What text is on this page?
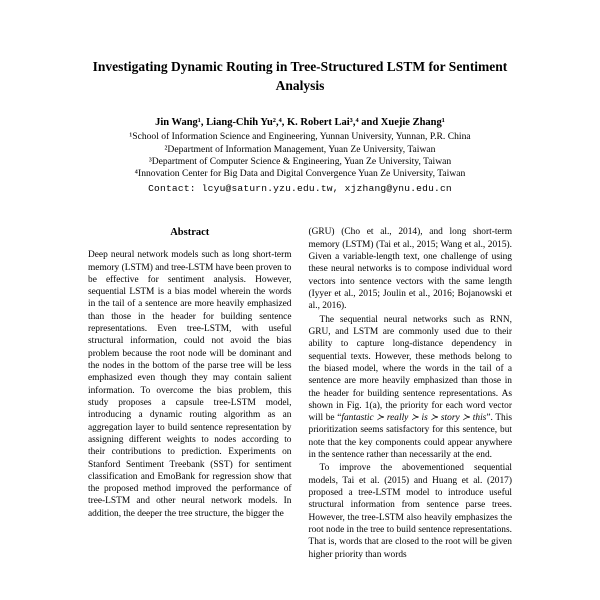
Investigating Dynamic Routing in Tree-Structured LSTM for Sentiment Analysis
Jin Wang¹, Liang-Chih Yu²,⁴, K. Robert Lai³,⁴ and Xuejie Zhang¹
¹School of Information Science and Engineering, Yunnan University, Yunnan, P.R. China
²Department of Information Management, Yuan Ze University, Taiwan
³Department of Computer Science & Engineering, Yuan Ze University, Taiwan
⁴Innovation Center for Big Data and Digital Convergence Yuan Ze University, Taiwan
Contact: lcyu@saturn.yzu.edu.tw, xjzhang@ynu.edu.cn
Abstract

Deep neural network models such as long short-term memory (LSTM) and tree-LSTM have been proven to be effective for sentiment analysis. However, sequential LSTM is a bias model wherein the words in the tail of a sentence are more heavily emphasized than those in the header for building sentence representations. Even tree-LSTM, with useful structural information, could not avoid the bias problem because the root node will be dominant and the nodes in the bottom of the parse tree will be less emphasized even though they may contain salient information. To overcome the bias problem, this study proposes a capsule tree-LSTM model, introducing a dynamic routing algorithm as an aggregation layer to build sentence representation by assigning different weights to nodes according to their contributions to prediction. Experiments on Stanford Sentiment Treebank (SST) for sentiment classification and EmoBank for regression show that the proposed method improved the performance of tree-LSTM and other neural network models. In addition, the deeper the tree structure, the bigger the

(GRU) (Cho et al., 2014), and long short-term memory (LSTM) (Tai et al., 2015; Wang et al., 2015). Given a variable-length text, one challenge of using these neural networks is to compose individual word vectors into sentence vectors with the same length (Iyyer et al., 2015; Joulin et al., 2016; Bojanowski et al., 2016).

The sequential neural networks such as RNN, GRU, and LSTM are commonly used due to their ability to capture long-distance dependency in sequential texts. However, these methods belong to the biased model, where the words in the tail of a sentence are more heavily emphasized than those in the header for building sentence representations. As shown in Fig. 1(a), the priority for each word vector will be “fantastic ≻ really ≻ is ≻ story ≻ this”. This prioritization seems satisfactory for this sentence, but note that the key components could appear anywhere in the sentence rather than necessarily at the end.

To improve the abovementioned sequential models, Tai et al. (2015) and Huang et al. (2017) proposed a tree-LSTM model to introduce useful structural information from sentence parse trees. However, the tree-LSTM also heavily emphasizes the root node in the tree to build sentence representations. That is, words that are closed to the root will be given higher priority than words
